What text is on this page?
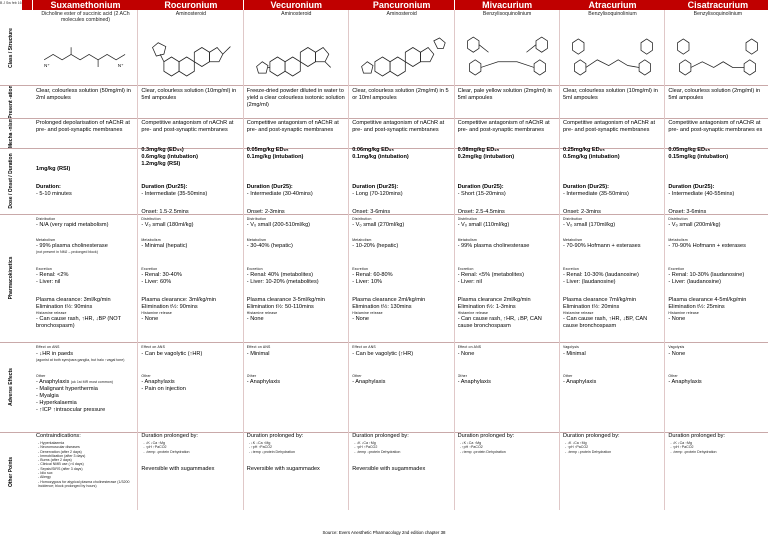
B J Sw feb 16
Class / Structure
Present -ation
Mecha -nism
Dose / Onset / Duration
Pharmacokinetics
Adverse Effects
Other Points
Suxamethonium
Dicholine ester of succinic acid (2 ACh molecules combined)
N⁺	N⁺
Clear, colourless solution (50mg/ml) in 2ml ampoules
Prolonged depolarisation of nAChR at pre- and post-synaptic membranes
1mg/kg (RSI)
Duration:
- 5-10 minutes
Distribution
- N/A (very rapid metabolism)
Metabolism
- 99% plasma cholinesterase
(not present in NMJ – prolonged block)
Excretion
- Renal: <2%
- Liver: nil
Plasma clearance: 3ml/kg/min
Elimination t½: 90mins
Histamine release
- Can cause rash, ↑HR, ↓BP (NOT bronchospasm)
Effect on ANS
- ↓HR in paeds
(agonist at both sym/para ganglia, but halo ↑vagal tone)
Other
- Anaphylaxis (uk 1st MR most common)
- Malignant hyperthermia
- Myalgia
- Hyperkalaemia
- ↑ICP ↑intraocular pressure
Contraindications:
- Hyperkalaemia
- Neuromuscular diseases
- Denervation (after 2 days)
- Immobilization (after 3 days)
- Burns (after 2 days)
- Clinical NMB use (>4 days)
- Sepsis/SIRS (after 3 days)
- Idio sux
- Allergy
- Homozygous for atypical plasma cholinesterase (1/3200 incidence; block prolonged by hours)
Rocuronium
Aminosteroid
Clear, colourless solution (10mg/ml) in 5ml ampoules
Competitive antagonism of nAChR at pre- and post-synaptic membranes
0.3mg/kg (ED₉₅)
0.6mg/kg (intubation)
1.2mg/kg (RSI)
Duration (Dur25):
- Intermediate (35-50mins)
Onset: 1.5-2.5mins
Distribution
- V₀ small (180ml/kg)
Metabolism
- Minimal (hepatic)
Excretion
- Renal: 30-40%
- Liver: 60%
Plasma clearance: 3ml/kg/min
Elimination t½: 90mins
Histamine release
- None
Effect on ANS
- Can be vagolytic (↑HR)
Other
- Anaphylaxis
- Pain on injection
Duration prolonged by:
- ↓K ↓Ca ↑Mg
- ↑pH ↑PaCO2
- ↓temp ↓protein Dehydration
Reversible with sugammadex
Vecuronium
Aminosteroid
Freeze-dried powder diluted in water to yield a clear colourless isotonic solution (2mg/ml)
Competitive antagonism of nAChR at pre- and post-synaptic membranes
0.05mg/kg ED₉₅
0.1mg/kg (intubation)
Duration (Dur25):
- Intermediate (30-40mins)
Onset: 2-3mins
Distribution
- V₀ small (200-510ml/kg)
Metabolism
- 30-40% (hepatic)
Excretion
- Renal: 40% (metabolites)
- Liver: 10-20% (metabolites)
Plasma clearance 3-5ml/kg/min
Elimination t½: 50-110mins
Histamine release
- None
Effect on ANS
- Minimal
Other
- Anaphylaxis
Duration prolonged by:
- ↓K ↓Ca ↑Mg
- ↑pH ↑PaCO2
- ↓temp ↓protein Dehydration
Reversible with sugammadex
Pancuronium
Aminosteroid
Clear, colourless solution (2mg/ml) in 5 or 10ml ampoules
Competitive antagonism of nAChR at pre- and post-synaptic membranes
0.06mg/kg ED₉₅
0.1mg/kg (intubation)
Duration (Dur25):
- Long (70-120mins)
Onset: 3-6mins
Distribution
- V₀ small (270ml/kg)
Metabolism
- 10-20% (hepatic)
Excretion
- Renal: 60-80%
- Liver: 10%
Plasma clearance 2ml/kg/min
Elimination t½: 130mins
Histamine release
- None
Effect on ANS
- Can be vagolytic (↑HR)
Other
- Anaphylaxis
Duration prolonged by:
- ↓K ↓Ca ↑Mg
- ↑pH ↑PaCO2
- ↓temp ↓protein Dehydration
Reversible with sugammadex
Mivacurium
Benzylisoquinolinium
Clear, pale yellow solution (2mg/ml) in 5ml ampoules
Competitive antagonism of nAChR at pre- and post-synaptic membranes
0.08mg/kg ED₉₅
0.2mg/kg (intubation)
Duration (Dur25):
- Short (15-20mins)
Onset: 2.5-4.5mins
Distribution
- V₀ small (110ml/kg)
Metabolism
- 99% plasma cholinesterase
Excretion
- Renal: <5% (metabolites)
- Liver: nil
Plasma clearance 2ml/kg/min
Elimination t½: 1-3mins
Histamine release
- Can cause rash, ↑HR, ↓BP, CAN cause bronchospasm
Effect on ANS
- None
Other
- Anaphylaxis
Duration prolonged by:
- ↓K ↓Ca ↑Mg
- ↑pH ↑PaCO2
- ↓temp ↓protein Dehydration
Atracurium
Benzylisoquinolinium
Clear, colourless solution (10mg/ml) in 5ml ampoules
Competitive antagonism of nAChR at pre- and post-synaptic membranes
0.25mg/kg ED₉₅
0.5mg/kg (intubation)
Duration (Dur25):
- Intermediate (35-50mins)
Onset: 2-3mins
Distribution
- V₀ small (170ml/kg)
Metabolism
- 70-90% Hofmann + esterases
Excretion
- Renal: 10-30% (laudanosine)
- Liver: (laudanosine)
Plasma clearance 7ml/kg/min
Elimination t½: 20mins
Histamine release
- Can cause rash, ↑HR, ↓BP, CAN cause bronchospasm
Vagolysis
- Minimal
Other
- Anaphylaxis
Duration prolonged by:
- ↓K ↓Ca ↑Mg
- ↑pH ↑PaCO2
- ↓temp ↓protein Dehydration
Cisatracurium
Benzylisoquinolinium
Clear, colourless solution (2mg/ml) in 5ml ampoules
Competitive antagonism of nAChR at pre- and post-synaptic membranes es
0.05mg/kg ED₉₅
0.15mg/kg (intubation)
Duration (Dur25):
- Intermediate (40-55mins)
Onset: 3-6mins
Distribution
- V₀ small (200ml/kg)
Metabolism
- 70-90% Hofmann + esterases
Excretion
- Renal: 10-30% (laudanosine)
- Liver: (laudanosine)
Plasma clearance 4-5ml/kg/min
Elimination t½: 25mins
Histamine release
- None
Vagolysis
- None
Other
- Anaphylaxis
Duration prolonged by:
- ↓K ↓Ca ↑Mg
- ↑pH ↑PaCO2
- ↓temp ↓protein Dehydration
Source: Evers Anesthetic Pharmacology 2nd edition chapter 38
